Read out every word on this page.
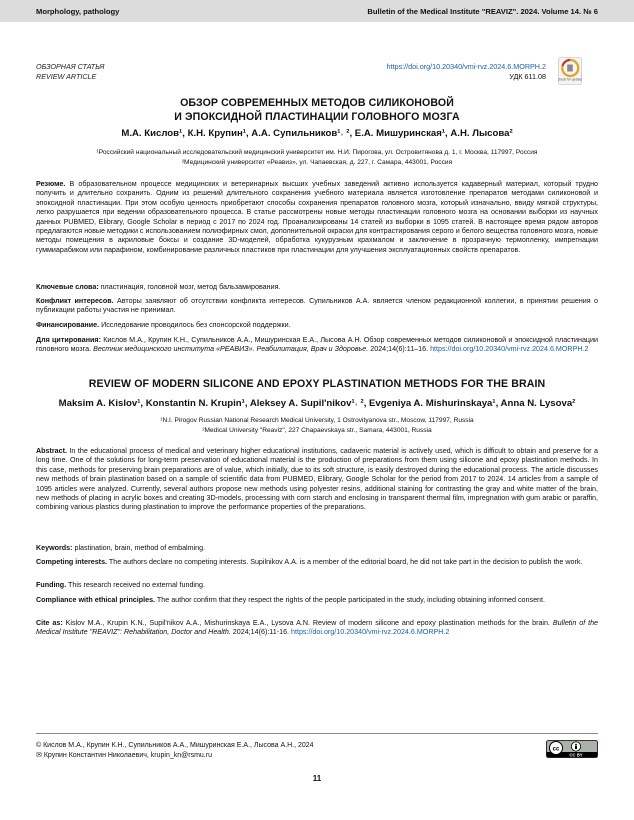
Morphology, pathology	Bulletin of the Medical Institute "REAVIZ". 2024. Volume 14. № 6
ОБЗОРНАЯ СТАТЬЯ
REVIEW ARTICLE
https://doi.org/10.20340/vmi-rvz.2024.6.MORPH.2
УДК 611.08	Check for updates
ОБЗОР СОВРЕМЕННЫХ МЕТОДОВ СИЛИКОНОВОЙ
И ЭПОКСИДНОЙ ПЛАСТИНАЦИИ ГОЛОВНОГО МОЗГА
М.А. Кислов¹, К.Н. Крупин¹, А.А. Супильников¹˒ ², Е.А. Мишуринская¹, А.Н. Лысова²
¹Российский национальный исследовательский медицинский университет им. Н.И. Пирогова, ул. Островитянова д. 1, г. Москва, 117997, Россия
²Медицинский университет «Реавиз», ул. Чапаевская, д. 227, г. Самара, 443001, Россия
Резюме. В образовательном процессе медицинских и ветеринарных высших учебных заведений активно используется кадаверный материал, который трудно получить и длительно сохранить. Одним из решений длительного сохранения учебного материала является изготовление препаратов методами силиконовой и эпоксидной пластинации. При этом особую ценность приобретают способы сохранения препаратов головного мозга, который изначально, ввиду мягкой структуры, легко разрушается при ведении образовательного процесса. В статье рассмотрены новые методы пластинации головного мозга на основании выборки из научных данных PUBMED, Elibrary, Google Scholar в период с 2017 по 2024 год. Проанализированы 14 статей из выборки в 1095 статей. В настоящее время рядом авторов предлагаются новые методики с использованием полиэфирных смол, дополнительной окраски для контрастирования серого и белого вещества головного мозга, новые методы помещения в акриловые боксы и создание 3D-моделей, обработка кукурузным крахмалом и заключение в прозрачную термопленку, импрегнации гуммиарабиком или парафином, комбинирование различных пластиков при пластинации для улучшения эксплуатационных свойств препаратов.
Ключевые слова: пластинация, головной мозг, метод бальзамирования.
Конфликт интересов. Авторы заявляют об отсутствии конфликта интересов. Супильников А.А. является членом редакционной коллегии, в принятии решения о публикации работы участия не принимал.
Финансирование. Исследование проводилось без спонсорской поддержки.
Для цитирования: Кислов М.А., Крупин К.Н., Супильников А.А., Мишуринская Е.А., Лысова А.Н. Обзор современных методов силиконовой и эпоксидной пластинации головного мозга. Вестник медицинского института «РЕАВИЗ». Реабилитация, Врач и Здоровье. 2024;14(6):11–16. https://doi.org/10.20340/vmi-rvz.2024.6.MORPH.2
REVIEW OF MODERN SILICONE AND EPOXY PLASTINATION METHODS FOR THE BRAIN
Maksim A. Kislov¹, Konstantin N. Krupin¹, Aleksey A. Supil'nikov¹˒ ², Evgeniya A. Mishurinskaya¹, Anna N. Lysova²
¹N.I. Pirogov Russian National Research Medical University, 1 Ostrovityanova str., Moscow, 117997, Russia
²Medical University "Reaviz", 227 Chapaevskaya str., Samara, 443001, Russia
Abstract. In the educational process of medical and veterinary higher educational institutions, cadaveric material is actively used, which is difficult to obtain and preserve for a long time. One of the solutions for long-term preservation of educational material is the production of preparations from them using silicone and epoxy plastination methods. In this case, methods for preserving brain preparations are of value, which initially, due to its soft structure, is easily destroyed during the educational process. The article discusses new methods of brain plastination based on a sample of scientific data from PUBMED, Elibrary, Google Scholar for the period from 2017 to 2024. 14 articles from a sample of 1095 articles were analyzed. Currently, several authors propose new methods using polyester resins, additional staining for contrasting the gray and white matter of the brain, new methods of placing in acrylic boxes and creating 3D-models, processing with corn starch and enclosing in transparent thermal film, impregnation with gum arabic or paraffin, combining various plastics during plastination to improve the performance properties of the preparations.
Keywords: plastination, brain, method of embalming.
Competing interests. The authors declare no competing interests. Supilnikov A.A. is a member of the editorial board, he did not take part in the decision to publish the work.
Funding. This research received no external funding.
Compliance with ethical principles. The author confirm that they respect the rights of the people participated in the study, including obtaining informed consent.
Cite as: Kislov M.A., Krupin K.N., Supil'nikov A.A., Mishurinskaya E.A., Lysova A.N. Review of modern silicone and epoxy plastination methods for the brain. Bulletin of the Medical Institute "REAVIZ": Rehabilitation, Doctor and Health. 2024;14(6):11-16. https://doi.org/10.20340/vmi-rvz.2024.6.MORPH.2
© Кислов М.А., Крупин К.Н., Супильников А.А., Мишуринская Е.А., Лысова А.Н., 2024
✉ Крупин Константин Николаевич, krupin_kn@rsmu.ru
cc
CC BY
11
